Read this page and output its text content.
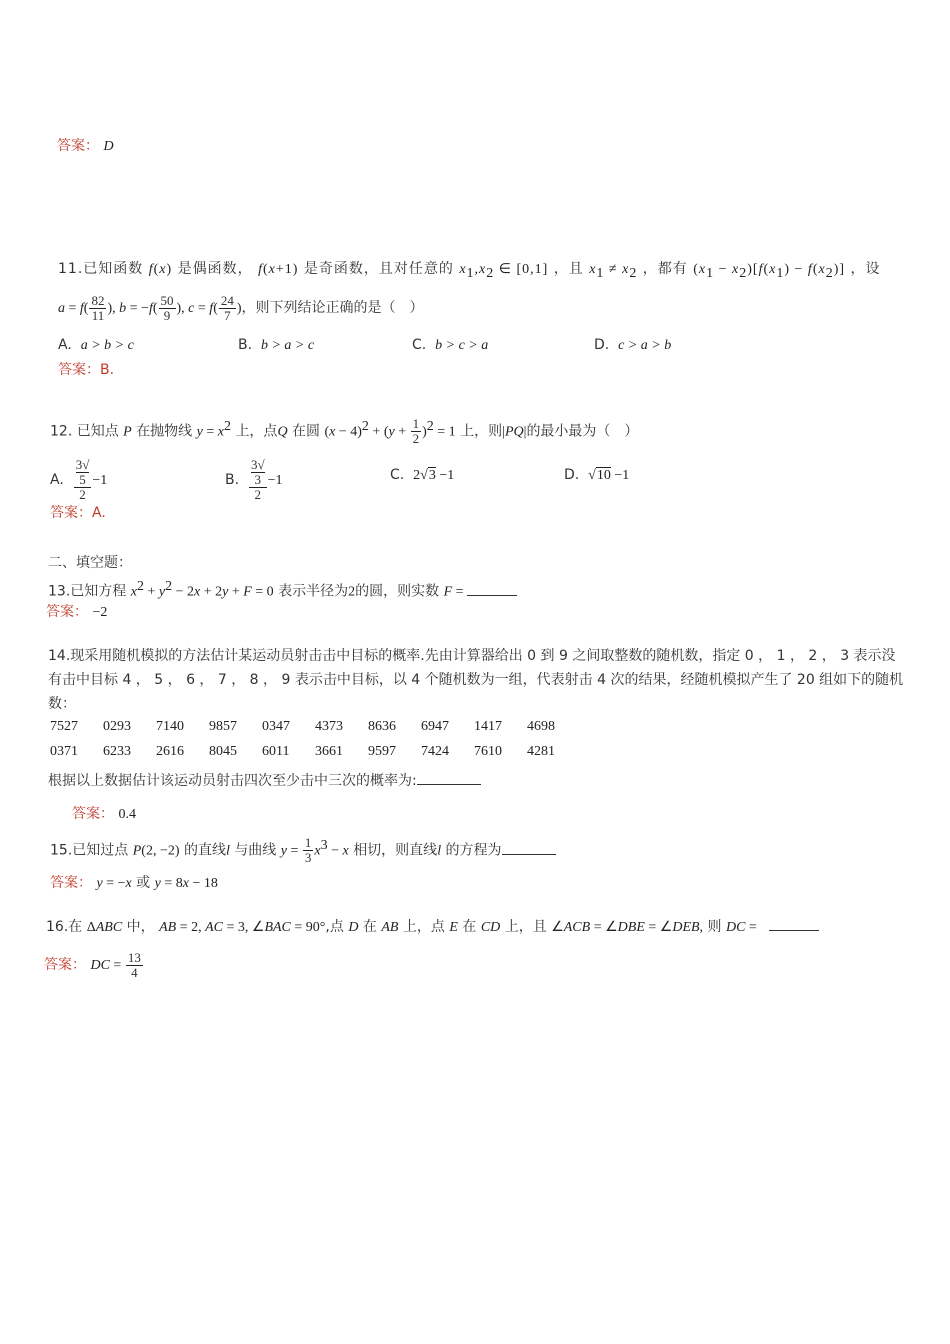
答案： D
11.已知函数 f(x) 是偶函数， f(x+1) 是奇函数，且对任意的 $x_1,x_2$ ∈ [0,1] ，且 $x_1 \ne x_2$ ，都有 $(x_1 - x_2)[f(x_1) - f(x_2)]$ ，设
$a = f( \frac{82}{11}$ ), $b = -f( \frac{50}{9}$ ), $c = f( \frac{24}{7}$ )，则下列结论正确的是（　）
A. a > b > c	B. b > a > c	C. b > c > a	D. c > a > b
答案：B.
12. 已知点 P 在抛物线 $y = x^2$ 上，点Q 在圆 $(x - 4)^2 + (y + \frac{1}{2} )^2 = 1$ 上，则|PQ|的最小最为（　）
A. 3√
5
2 −1	B. 3√
3
2 −1	C. 2√3 −1	D. √10 −1
答案：A.
二、填空题：
13.已知方程 $x^2 + y^2 - 2x + 2y + F = 0$ 表示半径为2的圆，则实数 F =
答案： −2
14.现采用随机模拟的方法估计某运动员射击击中目标的概率.先由计算器给出 0 到 9 之间取整数的随机数，指定 0 ， 1 ， 2 ， 3 表示没
有击中目标 4 ， 5 ， 6 ， 7 ， 8 ， 9 表示击中目标，以 4 个随机数为一组，代表射击 4 次的结果，经随机模拟产生了 20 组如下的随机
数：
7527 0293 7140 9857 0347 4373 8636 6947 1417 4698
0371 6233 2616 8045 6011 3661 9597 7424 7610 4281
根据以上数据估计该运动员射击四次至少击中三次的概率为:
答案： 0.4
15.已知过点 P(2, −2) 的直线l 与曲线 $y = \frac{1}{3} x^3 - x$ 相切，则直线l 的方程为
答案： y = −x 或 y = 8x − 18
16.在 ΔABC 中， AB = 2, AC = 3, ∠BAC = 90°,点 D 在 AB 上，点 E 在 CD 上，且 ∠ACB = ∠DBE = ∠DEB, 则 DC =
答案： DC = $\frac{13}{4}$
